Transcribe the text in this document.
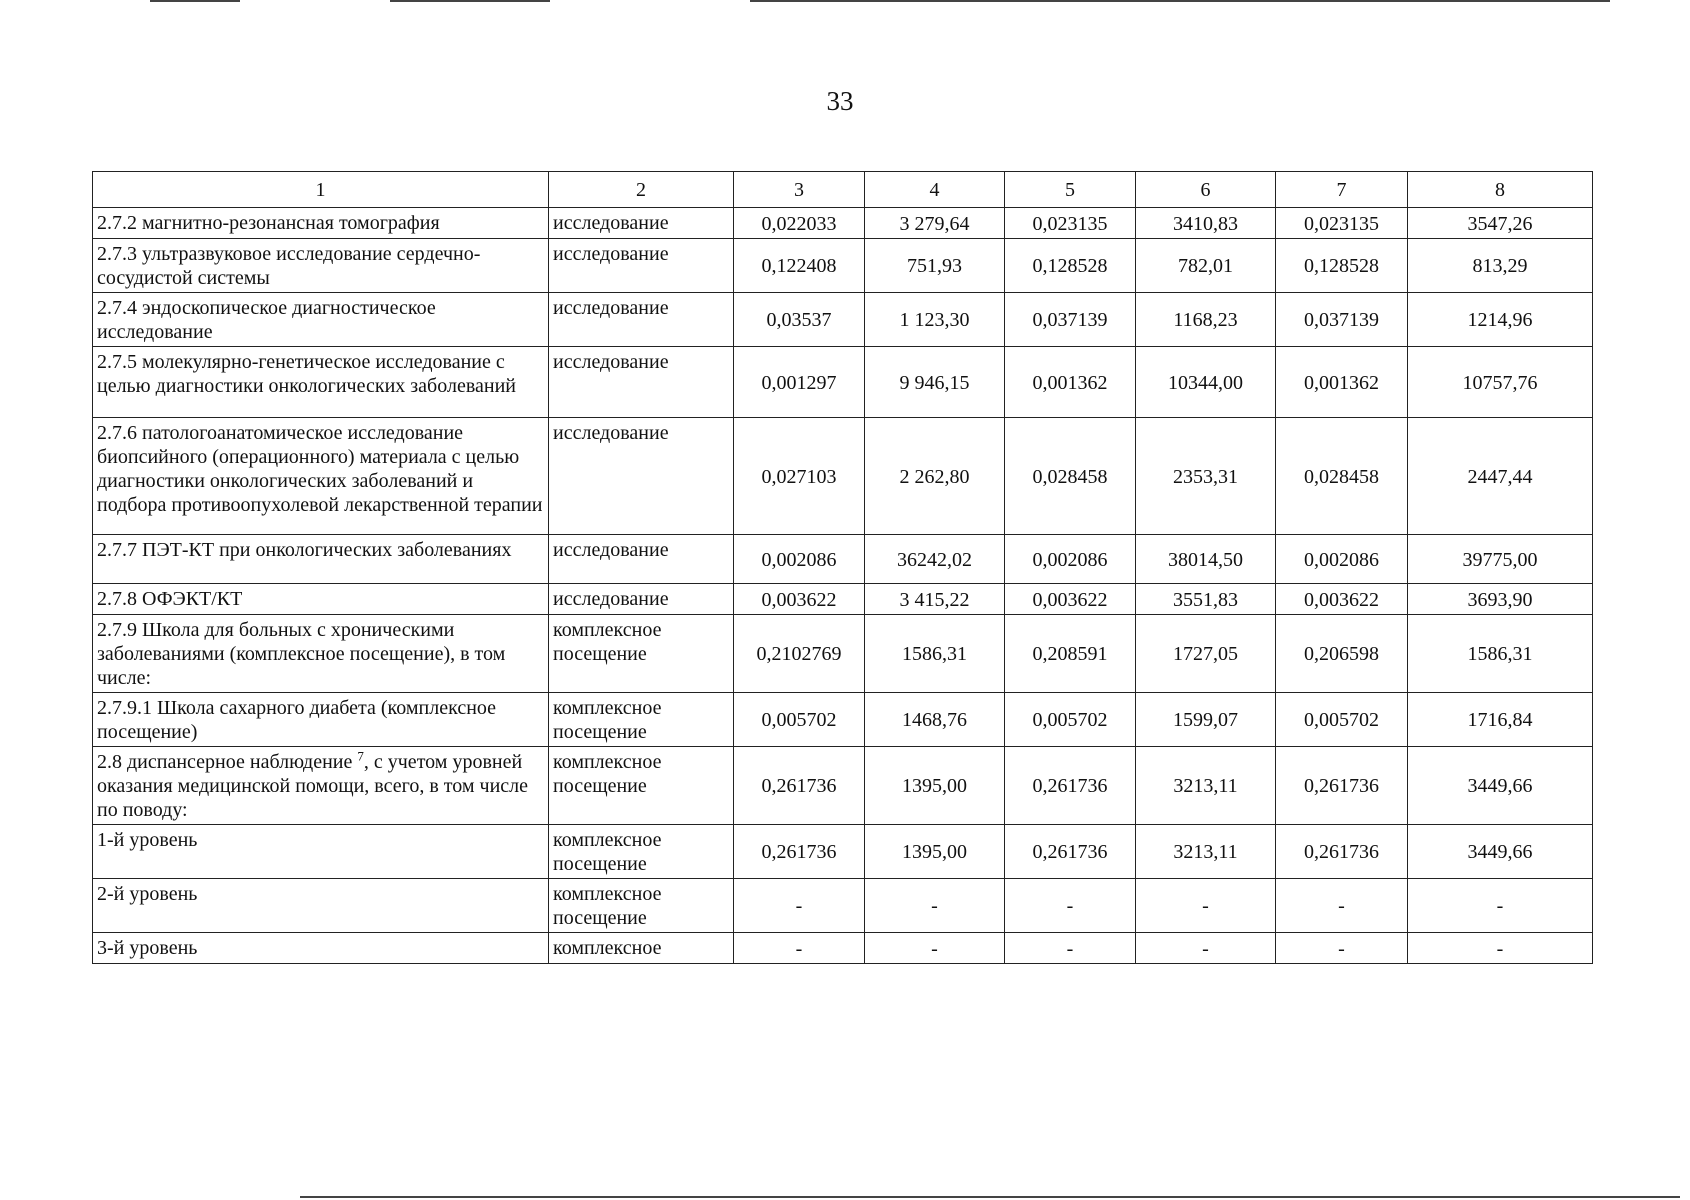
33
1	2	3	4	5	6	7	8
2.7.2 магнитно-резонансная томография	исследование	0,022033	3 279,64	0,023135	3410,83	0,023135	3547,26
2.7.3 ультразвуковое исследование сердечно-сосудистой системы	исследование	0,122408	751,93	0,128528	782,01	0,128528	813,29
2.7.4 эндоскопическое диагностическое исследование	исследование	0,03537	1 123,30	0,037139	1168,23	0,037139	1214,96
2.7.5 молекулярно-генетическое исследование с целью диагностики онкологических заболеваний	исследование	0,001297	9 946,15	0,001362	10344,00	0,001362	10757,76
2.7.6 патологоанатомическое исследование биопсийного (операционного) материала с целью диагностики онкологических заболеваний и подбора противоопухолевой лекарственной терапии	исследование	0,027103	2 262,80	0,028458	2353,31	0,028458	2447,44
2.7.7 ПЭТ-КТ при онкологических заболеваниях	исследование	0,002086	36242,02	0,002086	38014,50	0,002086	39775,00
2.7.8 ОФЭКТ/КТ	исследование	0,003622	3 415,22	0,003622	3551,83	0,003622	3693,90
2.7.9 Школа для больных с хроническими заболеваниями (комплексное посещение), в том числе:	комплексное посещение	0,2102769	1586,31	0,208591	1727,05	0,206598	1586,31
2.7.9.1 Школа сахарного диабета (комплексное посещение)	комплексное посещение	0,005702	1468,76	0,005702	1599,07	0,005702	1716,84
2.8 диспансерное наблюдение $^7$, с учетом уровней оказания медицинской помощи, всего, в том числе по поводу:	комплексное посещение	0,261736	1395,00	0,261736	3213,11	0,261736	3449,66
1-й уровень	комплексное посещение	0,261736	1395,00	0,261736	3213,11	0,261736	3449,66
2-й уровень	комплексное посещение	-	-	-	-	-	-
3-й уровень	комплексное	-	-	-	-	-	-
